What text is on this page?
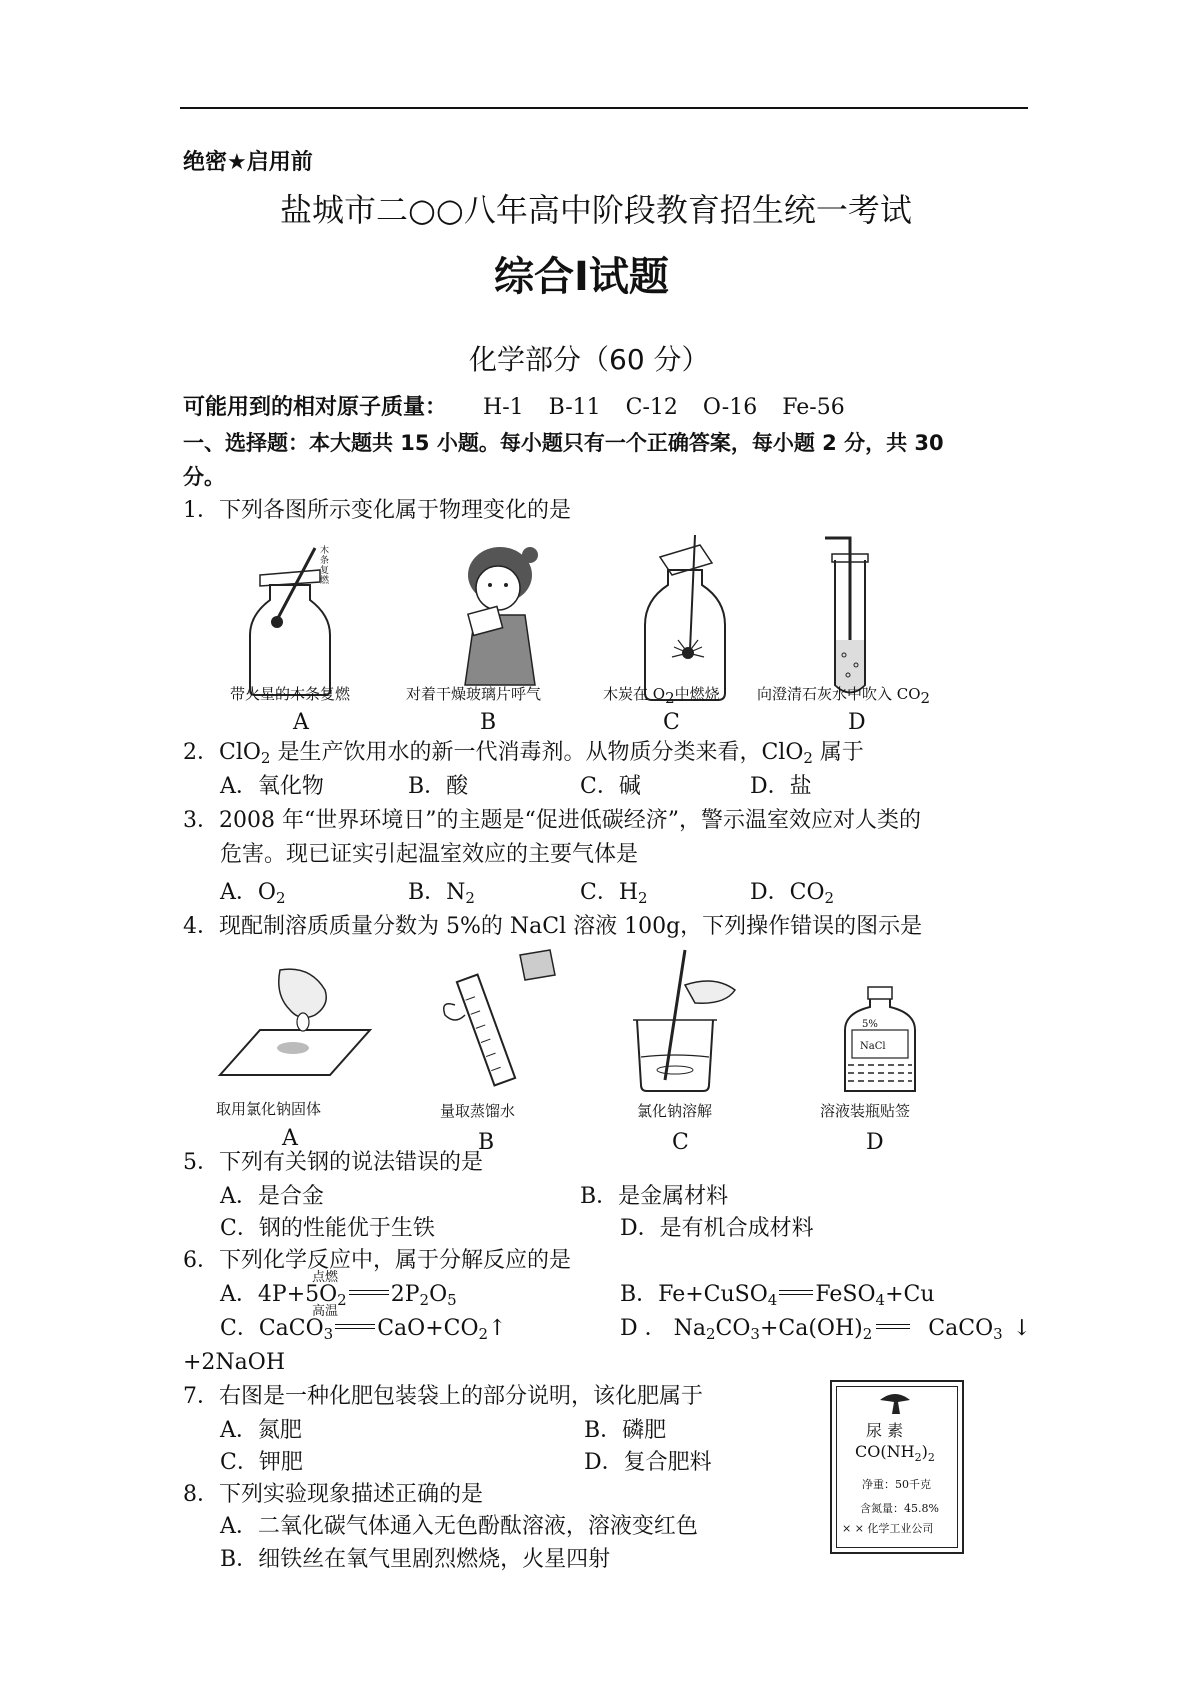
绝密★启用前
盐城市二○○八年高中阶段教育招生统一考试
综合Ⅰ试题
化学部分（60 分）
可能用到的相对原子质量： H-1 B-11 C-12 O-16 Fe-56
一、选择题：本大题共 15 小题。每小题只有一个正确答案，每小题 2 分，共 30
分。
1．下列各图所示变化属于物理变化的是
木条复燃
带火星的木条复燃	对着干燥玻璃片呼气	木炭在 $O_2$中燃烧 向澄清石灰水中吹入 $CO_2$
A	B	C	D
2．ClO$_2$ 是生产饮用水的新一代消毒剂。从物质分类来看，ClO$_2$ 属于
A．氧化物	B．酸	C．碱	D．盐
3．2008 年“世界环境日”的主题是“促进低碳经济”，警示温室效应对人类的
危害。现已证实引起温室效应的主要气体是
A．$O_2$	B．$N_2$	C．$H_2$	D．$CO_2$
4．现配制溶质质量分数为 5%的 NaCl 溶液 100g，下列操作错误的图示是
5%
NaCl
取用氯化钠固体	量取蒸馏水	氯化钠溶解	溶液装瓶贴签
A	B	C	D
5．下列有关钢的说法错误的是
A．是合金	B．是金属材料
C．钢的性能优于生铁	D．是有机合成材料
6．下列化学反应中，属于分解反应的是
点燃
A．$4P+5O_2$ $2P_2O_5$	B．Fe+CuSO$_4$ FeSO$_4$+Cu
高温
C．CaCO$_3$ $CaO+CO_2↑$	D ． $Na_2CO_3+Ca(OH)_2$	CaCO$_3$ ↓
+2NaOH
7．右图是一种化肥包装袋上的部分说明，该化肥属于
A．氮肥	B．磷肥
C．钾肥	D．复合肥料
尿 素
$CO(NH_2)_2$
净重：50千克
含氮量：45.8%
× × 化学工业公司
8．下列实验现象描述正确的是
A．二氧化碳气体通入无色酚酞溶液，溶液变红色
B．细铁丝在氧气里剧烈燃烧，火星四射
